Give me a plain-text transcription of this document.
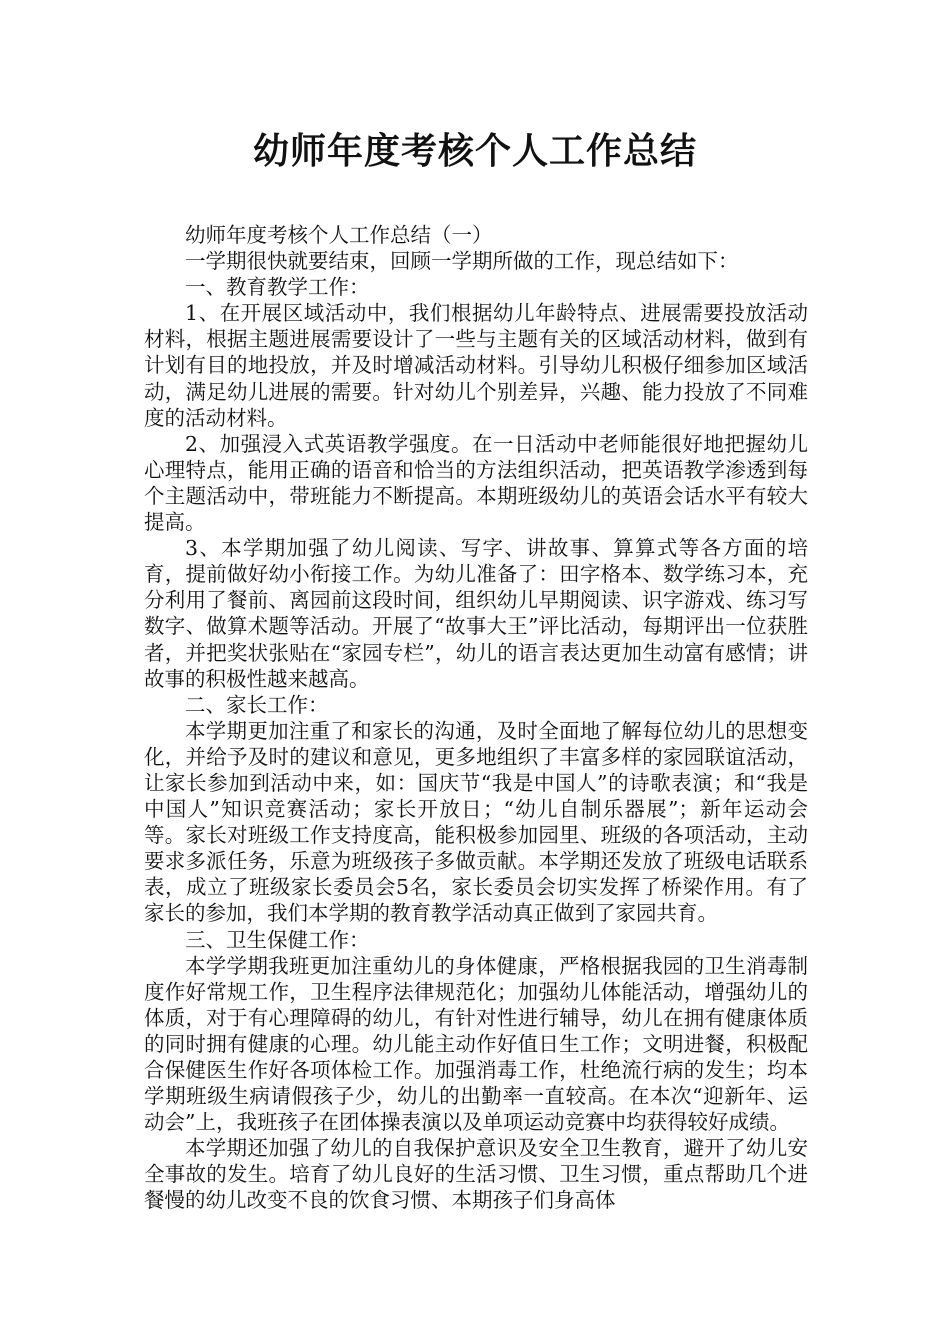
幼师年度考核个人工作总结

幼师年度考核个人工作总结（一）

一学期很快就要结束，回顾一学期所做的工作，现总结如下：

一、教育教学工作：

1、在开展区域活动中，我们根据幼儿年龄特点、进展需要投放活动材料，根据主题进展需要设计了一些与主题有关的区域活动材料，做到有计划有目的地投放，并及时增减活动材料。引导幼儿积极仔细参加区域活动，满足幼儿进展的需要。针对幼儿个别差异，兴趣、能力投放了不同难度的活动材料。

2、加强浸入式英语教学强度。在一日活动中老师能很好地把握幼儿心理特点，能用正确的语音和恰当的方法组织活动，把英语教学渗透到每个主题活动中，带班能力不断提高。本期班级幼儿的英语会话水平有较大提高。

3、本学期加强了幼儿阅读、写字、讲故事、算算式等各方面的培育，提前做好幼小衔接工作。为幼儿准备了：田字格本、数学练习本，充分利用了餐前、离园前这段时间，组织幼儿早期阅读、识字游戏、练习写数字、做算术题等活动。开展了“故事大王”评比活动，每期评出一位获胜者，并把奖状张贴在“家园专栏”，幼儿的语言表达更加生动富有感情；讲故事的积极性越来越高。

二、家长工作：

本学期更加注重了和家长的沟通，及时全面地了解每位幼儿的思想变化，并给予及时的建议和意见，更多地组织了丰富多样的家园联谊活动，让家长参加到活动中来，如：国庆节“我是中国人”的诗歌表演；和“我是中国人”知识竞赛活动；家长开放日；“幼儿自制乐器展”；新年运动会等。家长对班级工作支持度高，能积极参加园里、班级的各项活动，主动要求多派任务，乐意为班级孩子多做贡献。本学期还发放了班级电话联系表，成立了班级家长委员会5名，家长委员会切实发挥了桥梁作用。有了家长的参加，我们本学期的教育教学活动真正做到了家园共育。

三、卫生保健工作：

本学学期我班更加注重幼儿的身体健康，严格根据我园的卫生消毒制度作好常规工作，卫生程序法律规范化；加强幼儿体能活动，增强幼儿的体质，对于有心理障碍的幼儿，有针对性进行辅导，幼儿在拥有健康体质的同时拥有健康的心理。幼儿能主动作好值日生工作；文明进餐，积极配合保健医生作好各项体检工作。加强消毒工作，杜绝流行病的发生；均本学期班级生病请假孩子少，幼儿的出勤率一直较高。在本次“迎新年、运动会”上，我班孩子在团体操表演以及单项运动竞赛中均获得较好成绩。

本学期还加强了幼儿的自我保护意识及安全卫生教育，避开了幼儿安全事故的发生。培育了幼儿良好的生活习惯、卫生习惯，重点帮助几个进餐慢的幼儿改变不良的饮食习惯、本期孩子们身高体
